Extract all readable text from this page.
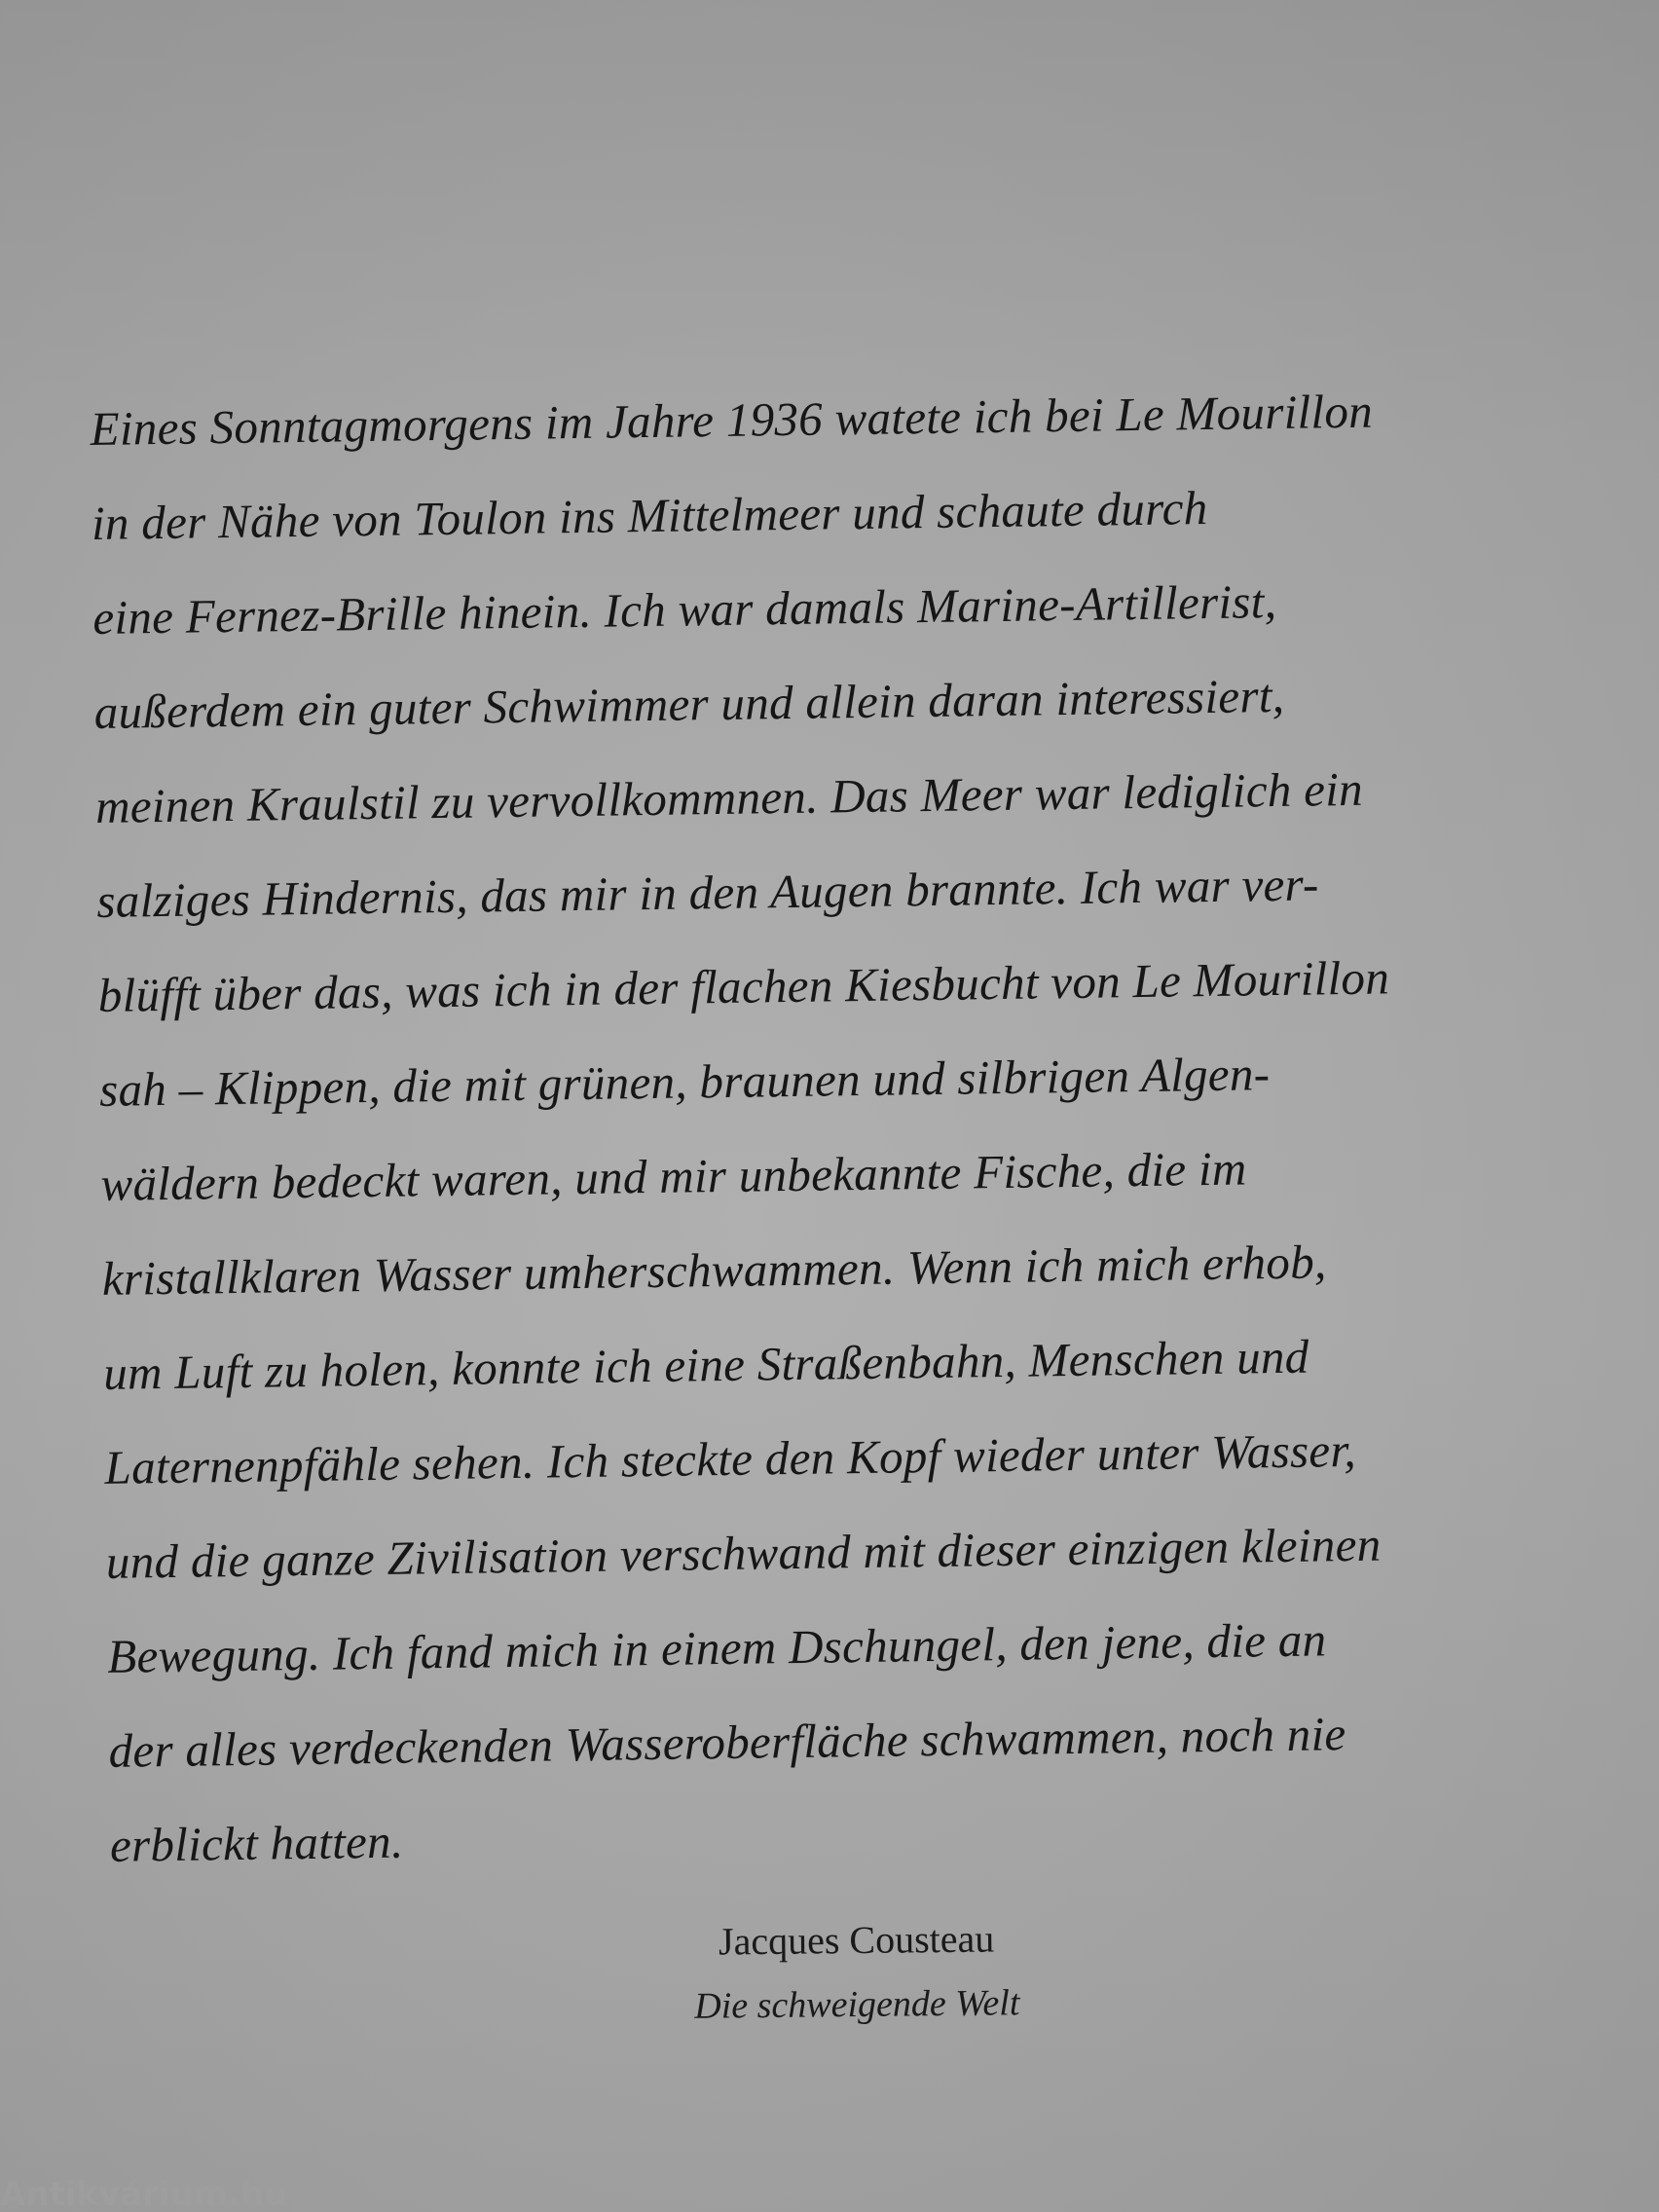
Eines Sonntagmorgens im Jahre 1936 watete ich bei Le Mourillon
in der Nähe von Toulon ins Mittelmeer und schaute durch
eine Fernez-Brille hinein. Ich war damals Marine-Artillerist,
außerdem ein guter Schwimmer und allein daran interessiert,
meinen Kraulstil zu vervollkommnen. Das Meer war lediglich ein
salziges Hindernis, das mir in den Augen brannte. Ich war ver-
blüfft über das, was ich in der flachen Kiesbucht von Le Mourillon
sah – Klippen, die mit grünen, braunen und silbrigen Algen-
wäldern bedeckt waren, und mir unbekannte Fische, die im
kristallklaren Wasser umherschwammen. Wenn ich mich erhob,
um Luft zu holen, konnte ich eine Straßenbahn, Menschen und
Laternenpfähle sehen. Ich steckte den Kopf wieder unter Wasser,
und die ganze Zivilisation verschwand mit dieser einzigen kleinen
Bewegung. Ich fand mich in einem Dschungel, den jene, die an
der alles verdeckenden Wasseroberfläche schwammen, noch nie
erblickt hatten.
Jacques Cousteau
Die schweigende Welt
Antikvárium.hu
